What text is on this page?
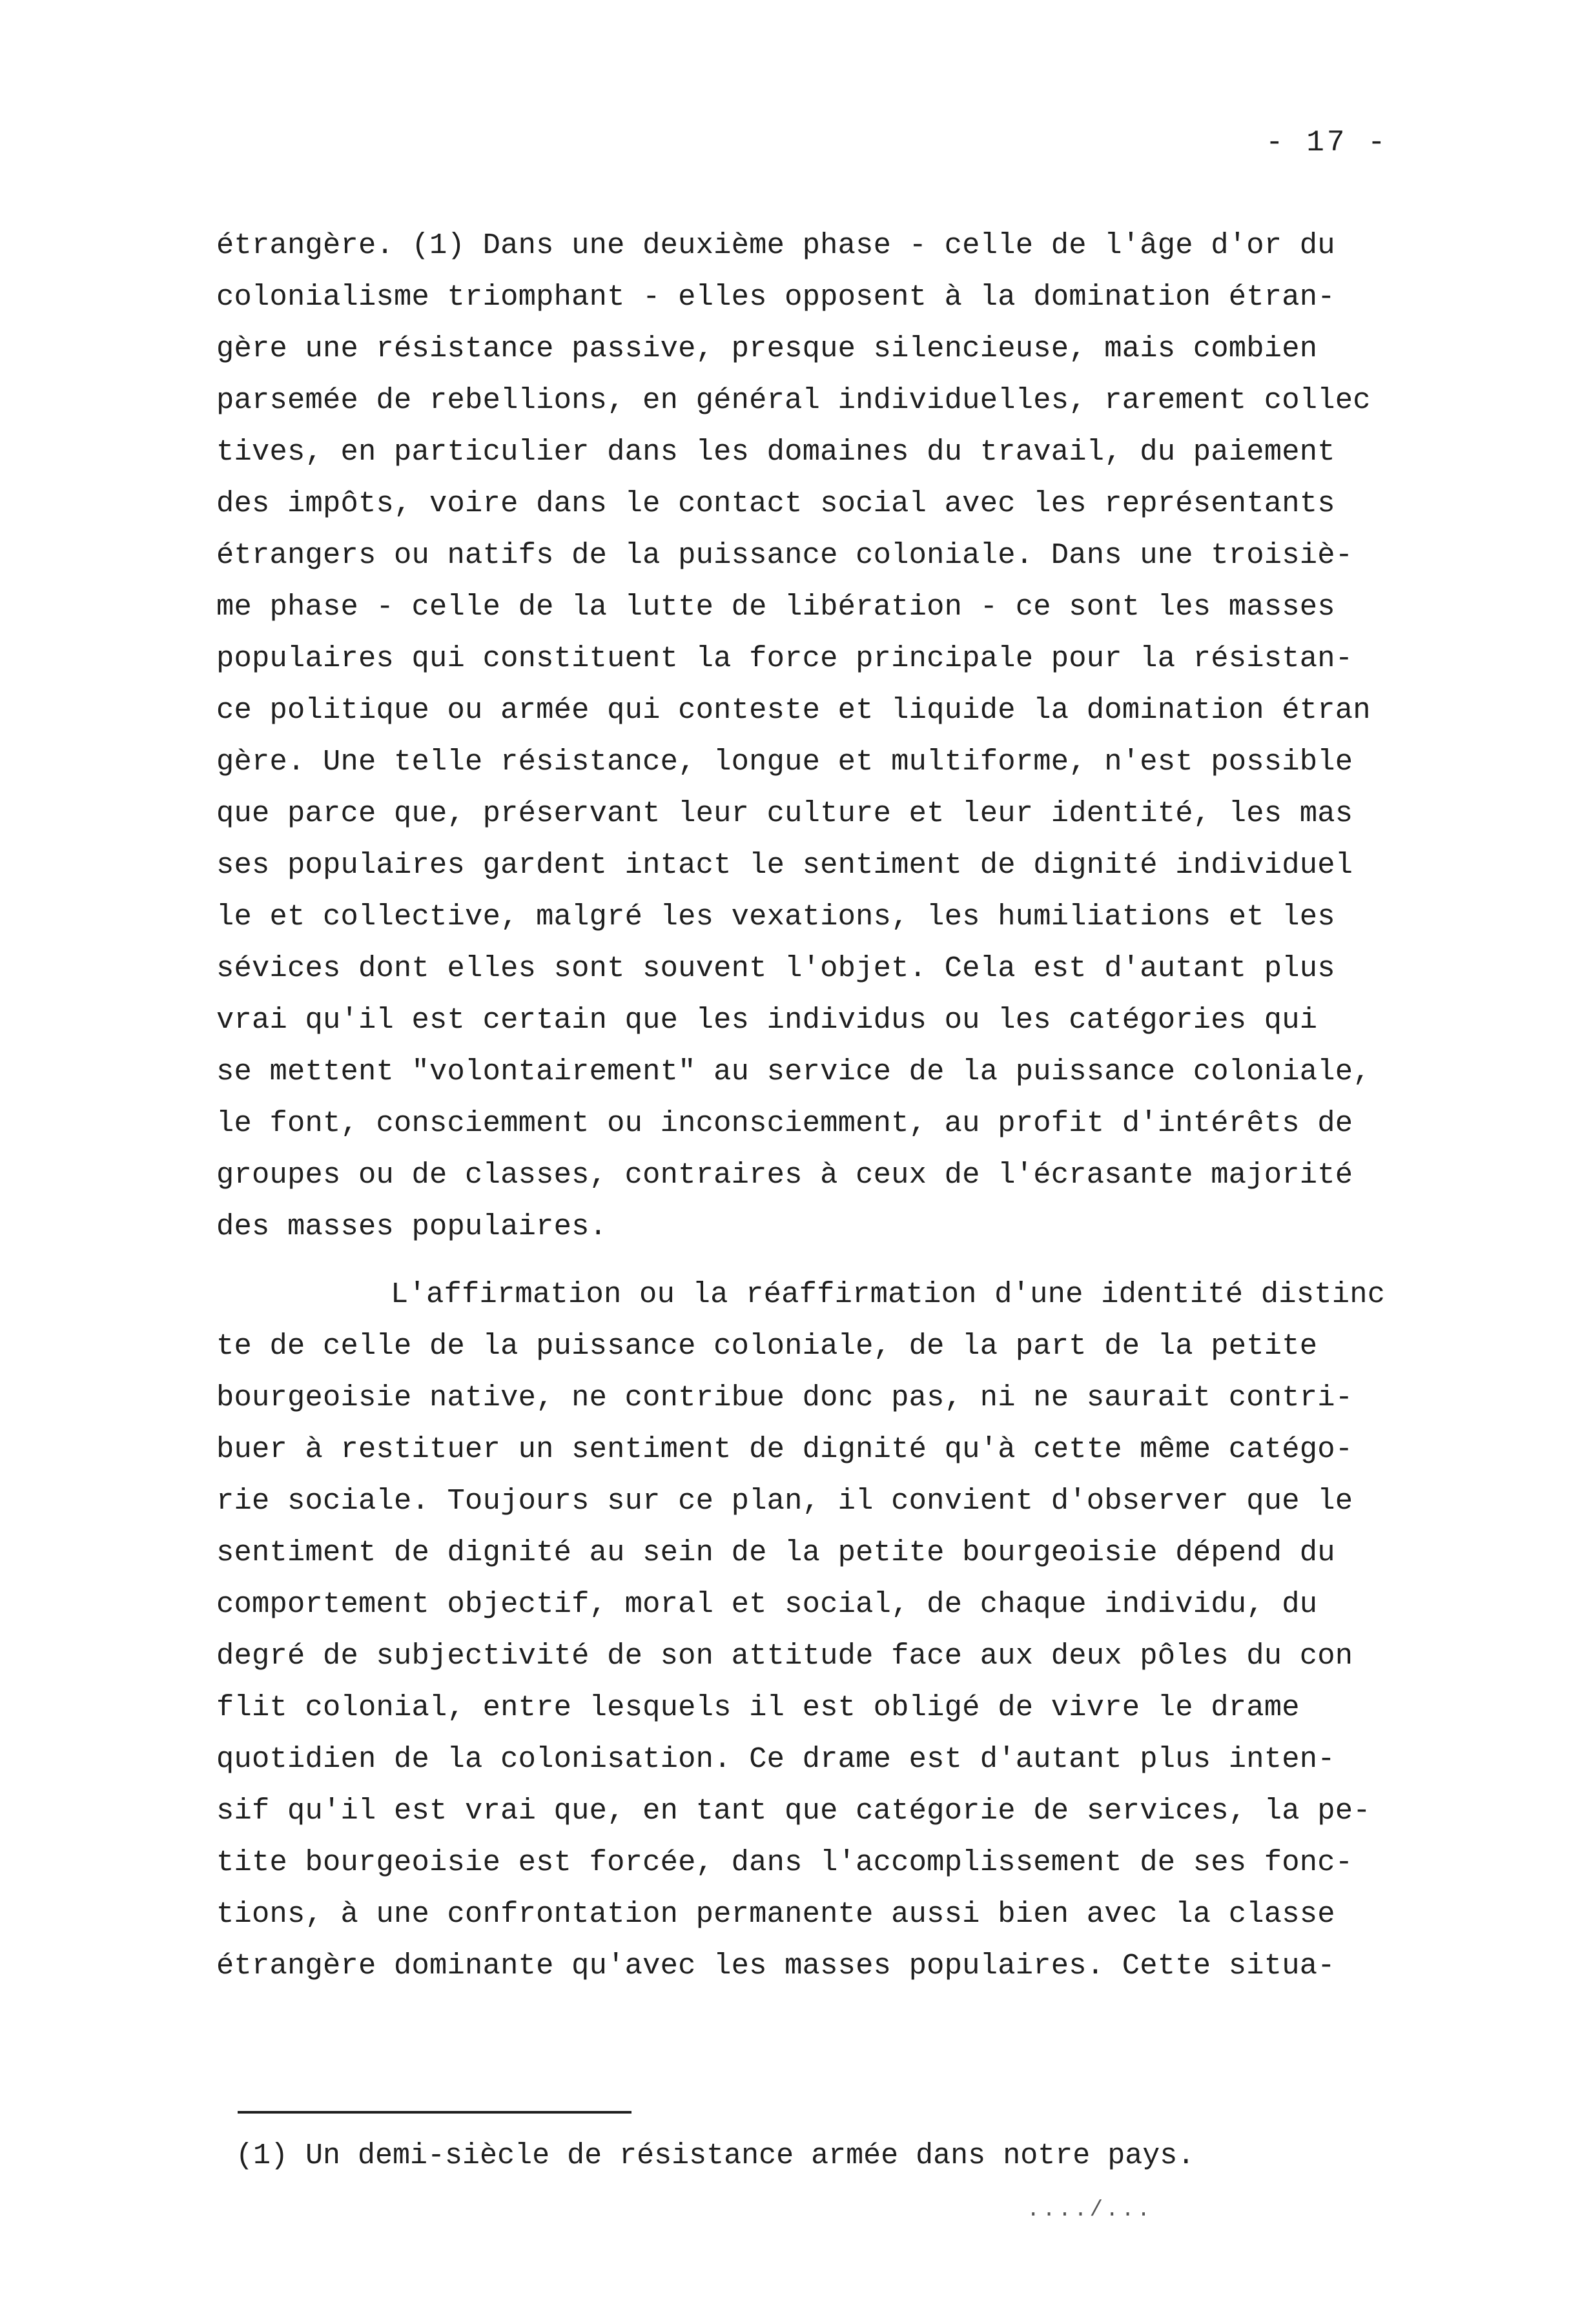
- 17 -
étrangère. (1) Dans une deuxième phase - celle de l'âge d'or du
colonialisme triomphant - elles opposent à la domination étran-
gère une résistance passive, presque silencieuse, mais combien
parsemée de rebellions, en général individuelles, rarement collec
tives, en particulier dans les domaines du travail, du paiement
des impôts, voire dans le contact social avec les représentants
étrangers ou natifs de la puissance coloniale. Dans une troisiè-
me phase - celle de la lutte de libération - ce sont les masses
populaires qui constituent la force principale pour la résistan-
ce politique ou armée qui conteste et liquide la domination étran
gère. Une telle résistance, longue et multiforme, n'est possible
que parce que, préservant leur culture et leur identité, les mas
ses populaires gardent intact le sentiment de dignité individuel
le et collective, malgré les vexations, les humiliations et les
sévices dont elles sont souvent l'objet. Cela est d'autant plus
vrai qu'il est certain que les individus ou les catégories qui
se mettent "volontairement" au service de la puissance coloniale,
le font, consciemment ou inconsciemment, au profit d'intérêts de
groupes ou de classes, contraires à ceux de l'écrasante majorité
des masses populaires.
L'affirmation ou la réaffirmation d'une identité distinc
te de celle de la puissance coloniale, de la part de la petite
bourgeoisie native, ne contribue donc pas, ni ne saurait contri-
buer à restituer un sentiment de dignité qu'à cette même catégo-
rie sociale. Toujours sur ce plan, il convient d'observer que le
sentiment de dignité au sein de la petite bourgeoisie dépend du
comportement objectif, moral et social, de chaque individu, du
degré de subjectivité de son attitude face aux deux pôles du con
flit colonial, entre lesquels il est obligé de vivre le drame
quotidien de la colonisation. Ce drame est d'autant plus inten-
sif qu'il est vrai que, en tant que catégorie de services, la pe-
tite bourgeoisie est forcée, dans l'accomplissement de ses fonc-
tions, à une confrontation permanente aussi bien avec la classe
étrangère dominante qu'avec les masses populaires. Cette situa-
(1) Un demi-siècle de résistance armée dans notre pays.
..../...
